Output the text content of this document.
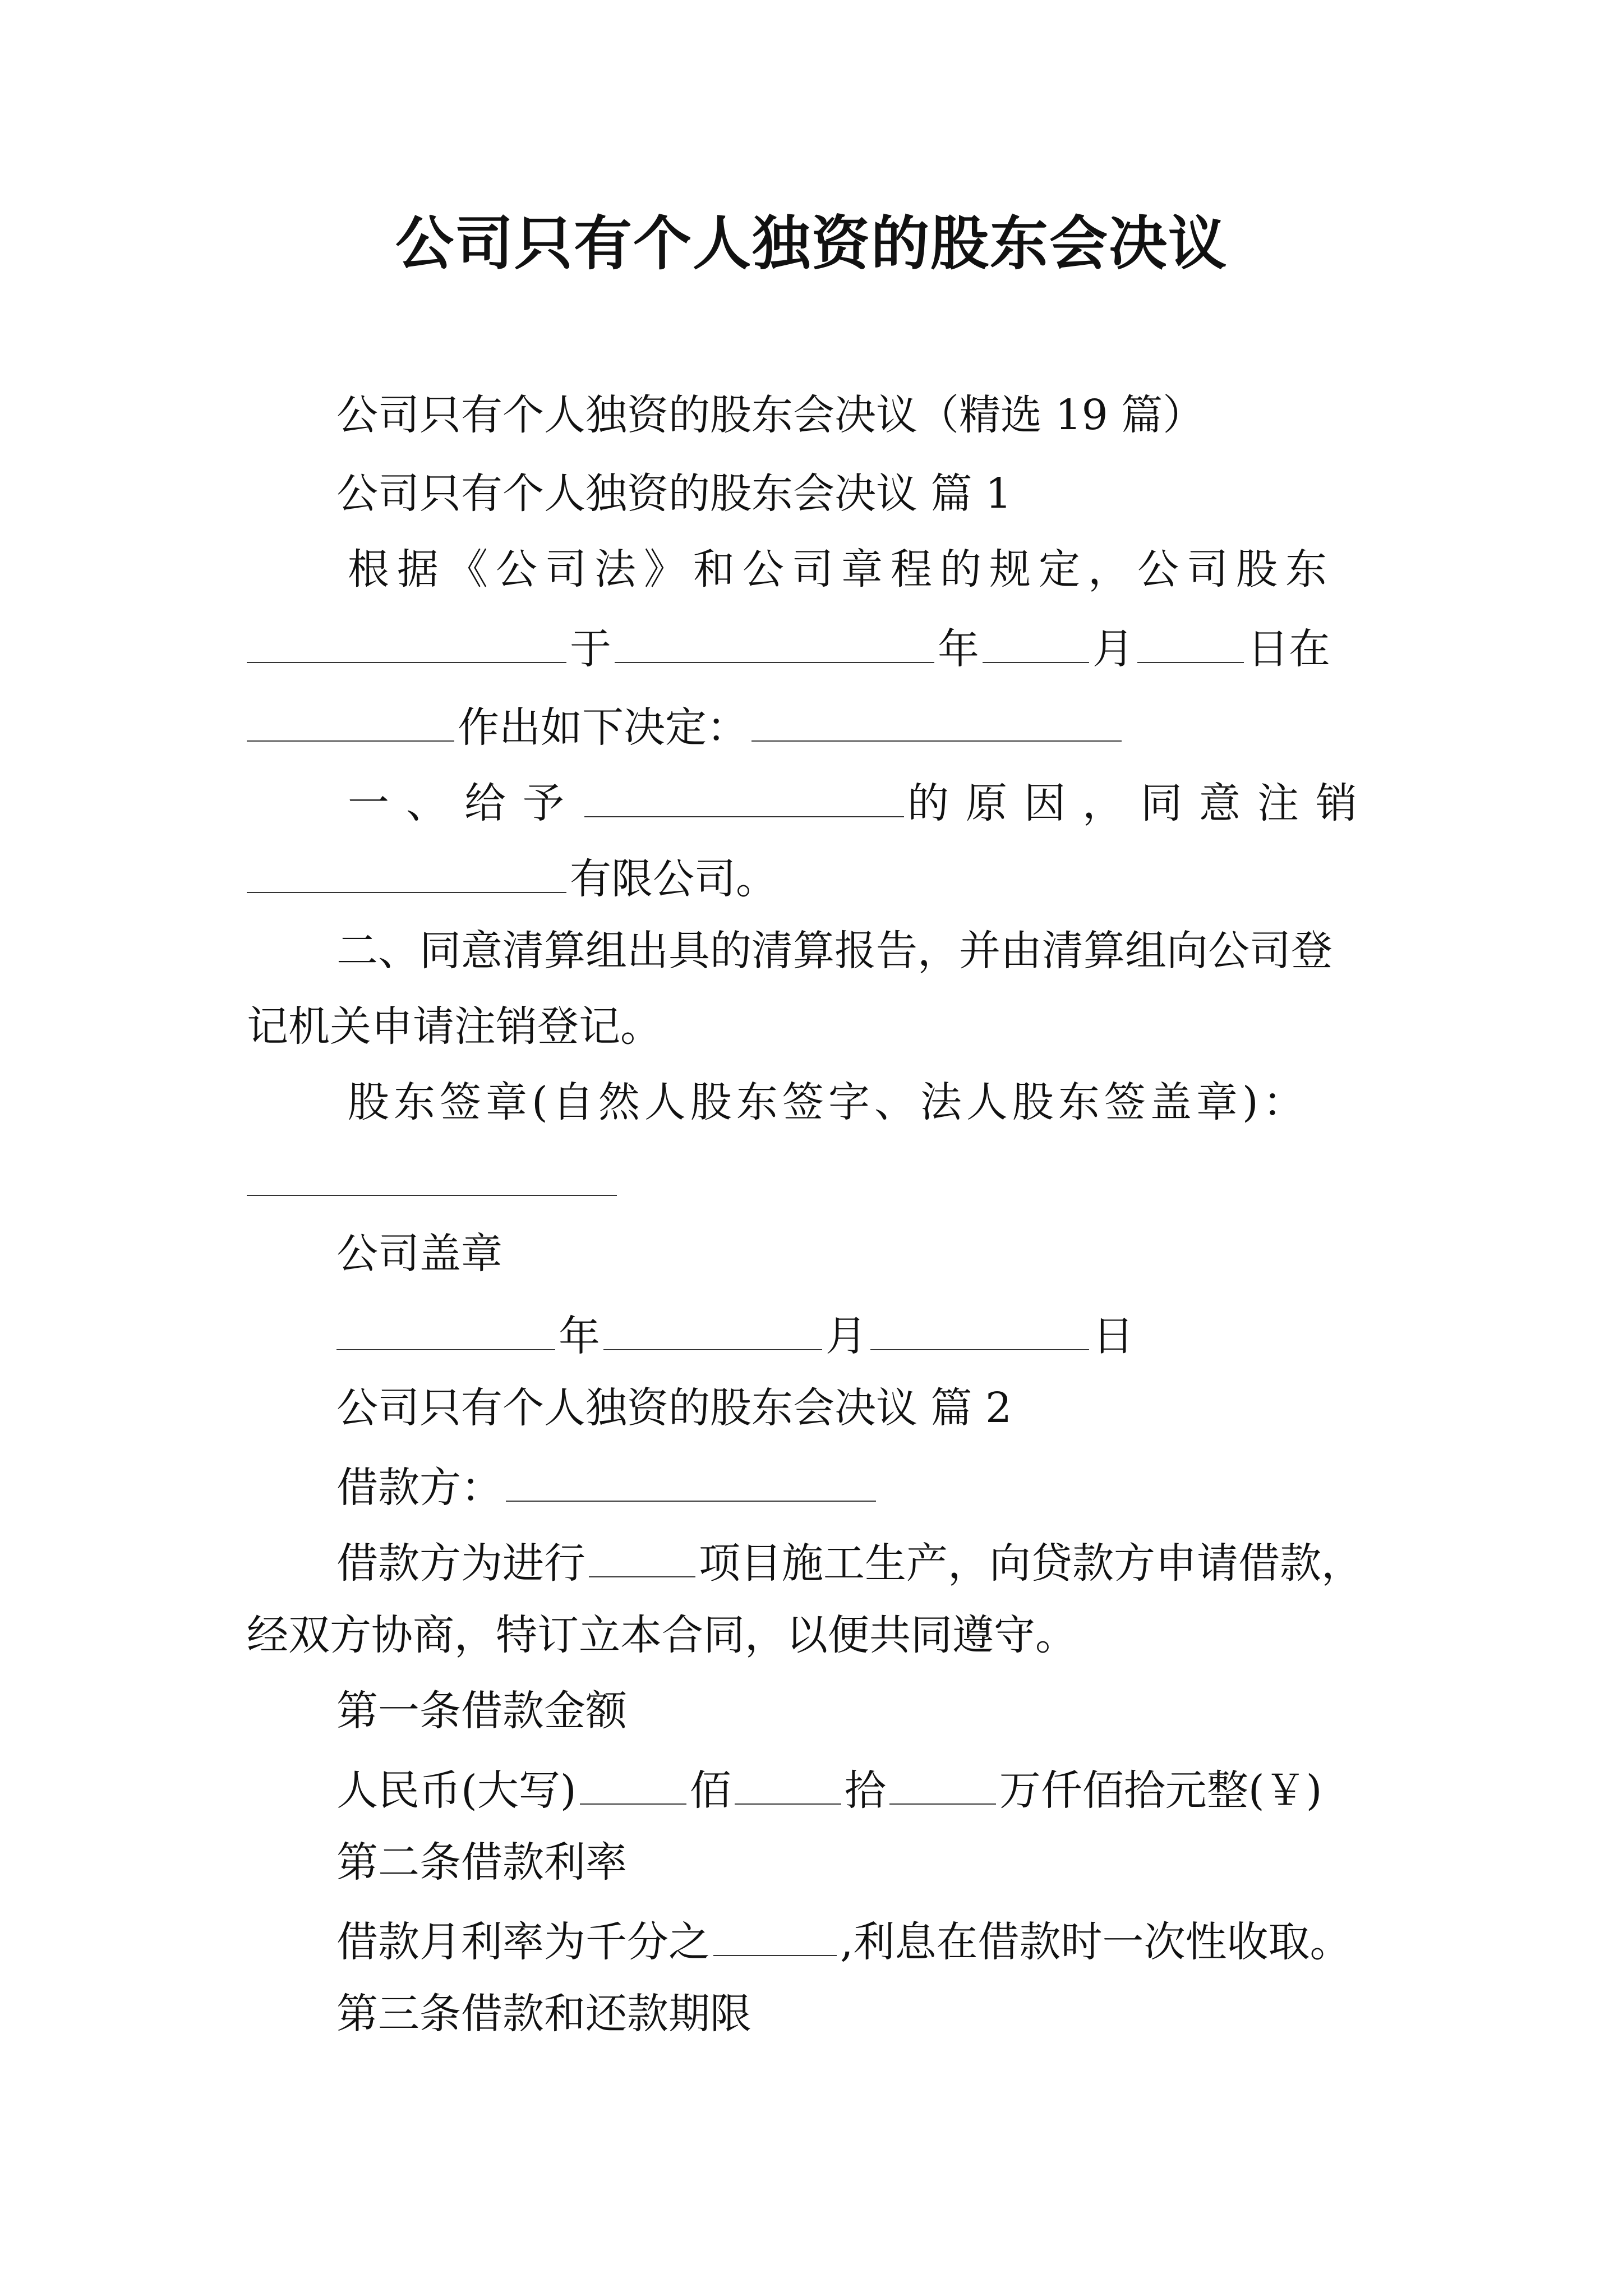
公司只有个人独资的股东会决议
公司只有个人独资的股东会决议（精选 19 篇）
公司只有个人独资的股东会决议 篇 1
根据《公司法》和公司章程的规定，公司股东
于	年	月	日在
作出如下决定：
一、给予	的原因，同意注销
有限公司。
二、同意清算组出具的清算报告，并由清算组向公司登
记机关申请注销登记。
股东签章(自然人股东签字、法人股东签盖章)：
公司盖章
年	月	日
公司只有个人独资的股东会决议 篇 2
借款方：
借款方为进行	项目施工生产，向贷款方申请借款，
经双方协商，特订立本合同，以便共同遵守。
第一条借款金额
人民币(大写)	佰	拾	万仟佰拾元整(￥)
第二条借款利率
借款月利率为千分之	,利息在借款时一次性收取。
第三条借款和还款期限
